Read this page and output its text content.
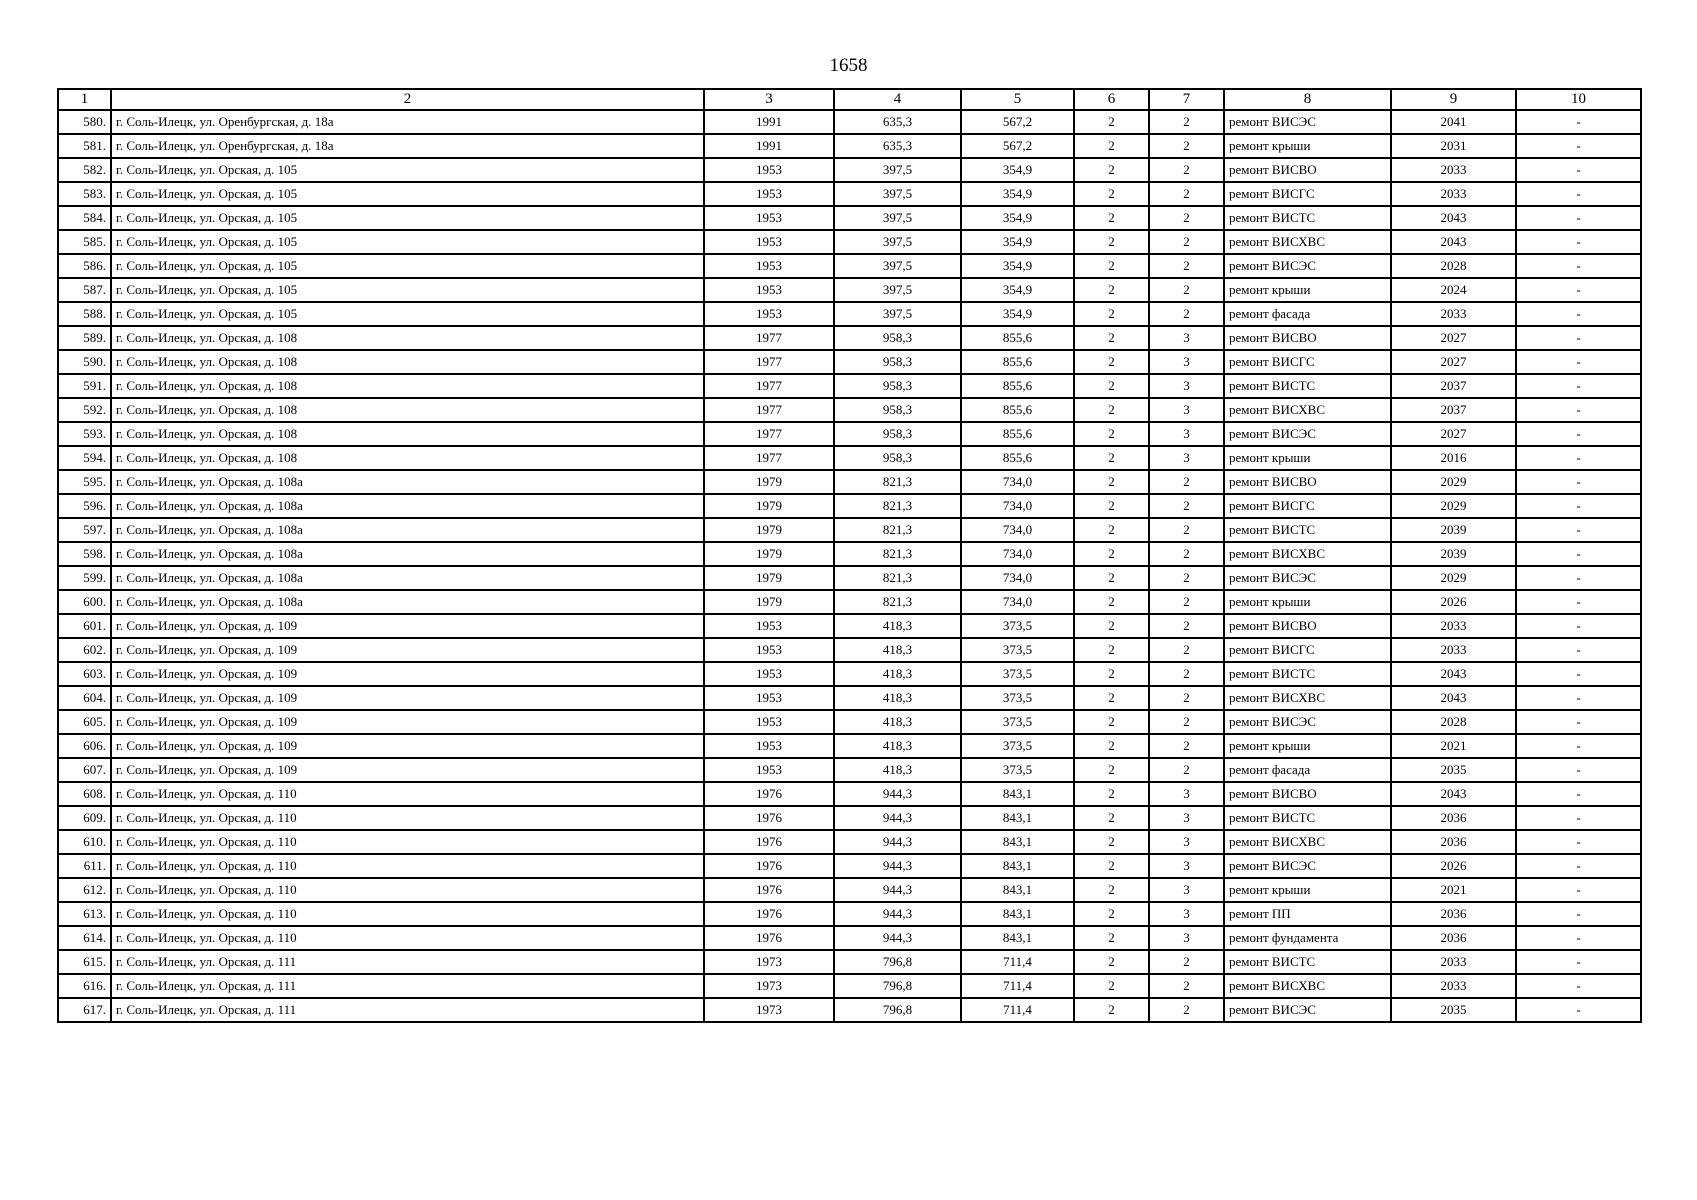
1658
1	2	3	4	5	6	7	8	9	10
580.	г. Соль-Илецк, ул. Оренбургская, д. 18а	1991	635,3	567,2	2	2	ремонт ВИСЭС	2041	-
581.	г. Соль-Илецк, ул. Оренбургская, д. 18а	1991	635,3	567,2	2	2	ремонт крыши	2031	-
582.	г. Соль-Илецк, ул. Орская, д. 105	1953	397,5	354,9	2	2	ремонт ВИСВО	2033	-
583.	г. Соль-Илецк, ул. Орская, д. 105	1953	397,5	354,9	2	2	ремонт ВИСГС	2033	-
584.	г. Соль-Илецк, ул. Орская, д. 105	1953	397,5	354,9	2	2	ремонт ВИСТС	2043	-
585.	г. Соль-Илецк, ул. Орская, д. 105	1953	397,5	354,9	2	2	ремонт ВИСХВС	2043	-
586.	г. Соль-Илецк, ул. Орская, д. 105	1953	397,5	354,9	2	2	ремонт ВИСЭС	2028	-
587.	г. Соль-Илецк, ул. Орская, д. 105	1953	397,5	354,9	2	2	ремонт крыши	2024	-
588.	г. Соль-Илецк, ул. Орская, д. 105	1953	397,5	354,9	2	2	ремонт фасада	2033	-
589.	г. Соль-Илецк, ул. Орская, д. 108	1977	958,3	855,6	2	3	ремонт ВИСВО	2027	-
590.	г. Соль-Илецк, ул. Орская, д. 108	1977	958,3	855,6	2	3	ремонт ВИСГС	2027	-
591.	г. Соль-Илецк, ул. Орская, д. 108	1977	958,3	855,6	2	3	ремонт ВИСТС	2037	-
592.	г. Соль-Илецк, ул. Орская, д. 108	1977	958,3	855,6	2	3	ремонт ВИСХВС	2037	-
593.	г. Соль-Илецк, ул. Орская, д. 108	1977	958,3	855,6	2	3	ремонт ВИСЭС	2027	-
594.	г. Соль-Илецк, ул. Орская, д. 108	1977	958,3	855,6	2	3	ремонт крыши	2016	-
595.	г. Соль-Илецк, ул. Орская, д. 108а	1979	821,3	734,0	2	2	ремонт ВИСВО	2029	-
596.	г. Соль-Илецк, ул. Орская, д. 108а	1979	821,3	734,0	2	2	ремонт ВИСГС	2029	-
597.	г. Соль-Илецк, ул. Орская, д. 108а	1979	821,3	734,0	2	2	ремонт ВИСТС	2039	-
598.	г. Соль-Илецк, ул. Орская, д. 108а	1979	821,3	734,0	2	2	ремонт ВИСХВС	2039	-
599.	г. Соль-Илецк, ул. Орская, д. 108а	1979	821,3	734,0	2	2	ремонт ВИСЭС	2029	-
600.	г. Соль-Илецк, ул. Орская, д. 108а	1979	821,3	734,0	2	2	ремонт крыши	2026	-
601.	г. Соль-Илецк, ул. Орская, д. 109	1953	418,3	373,5	2	2	ремонт ВИСВО	2033	-
602.	г. Соль-Илецк, ул. Орская, д. 109	1953	418,3	373,5	2	2	ремонт ВИСГС	2033	-
603.	г. Соль-Илецк, ул. Орская, д. 109	1953	418,3	373,5	2	2	ремонт ВИСТС	2043	-
604.	г. Соль-Илецк, ул. Орская, д. 109	1953	418,3	373,5	2	2	ремонт ВИСХВС	2043	-
605.	г. Соль-Илецк, ул. Орская, д. 109	1953	418,3	373,5	2	2	ремонт ВИСЭС	2028	-
606.	г. Соль-Илецк, ул. Орская, д. 109	1953	418,3	373,5	2	2	ремонт крыши	2021	-
607.	г. Соль-Илецк, ул. Орская, д. 109	1953	418,3	373,5	2	2	ремонт фасада	2035	-
608.	г. Соль-Илецк, ул. Орская, д. 110	1976	944,3	843,1	2	3	ремонт ВИСВО	2043	-
609.	г. Соль-Илецк, ул. Орская, д. 110	1976	944,3	843,1	2	3	ремонт ВИСТС	2036	-
610.	г. Соль-Илецк, ул. Орская, д. 110	1976	944,3	843,1	2	3	ремонт ВИСХВС	2036	-
611.	г. Соль-Илецк, ул. Орская, д. 110	1976	944,3	843,1	2	3	ремонт ВИСЭС	2026	-
612.	г. Соль-Илецк, ул. Орская, д. 110	1976	944,3	843,1	2	3	ремонт крыши	2021	-
613.	г. Соль-Илецк, ул. Орская, д. 110	1976	944,3	843,1	2	3	ремонт ПП	2036	-
614.	г. Соль-Илецк, ул. Орская, д. 110	1976	944,3	843,1	2	3	ремонт фундамента	2036	-
615.	г. Соль-Илецк, ул. Орская, д. 111	1973	796,8	711,4	2	2	ремонт ВИСТС	2033	-
616.	г. Соль-Илецк, ул. Орская, д. 111	1973	796,8	711,4	2	2	ремонт ВИСХВС	2033	-
617.	г. Соль-Илецк, ул. Орская, д. 111	1973	796,8	711,4	2	2	ремонт ВИСЭС	2035	-
